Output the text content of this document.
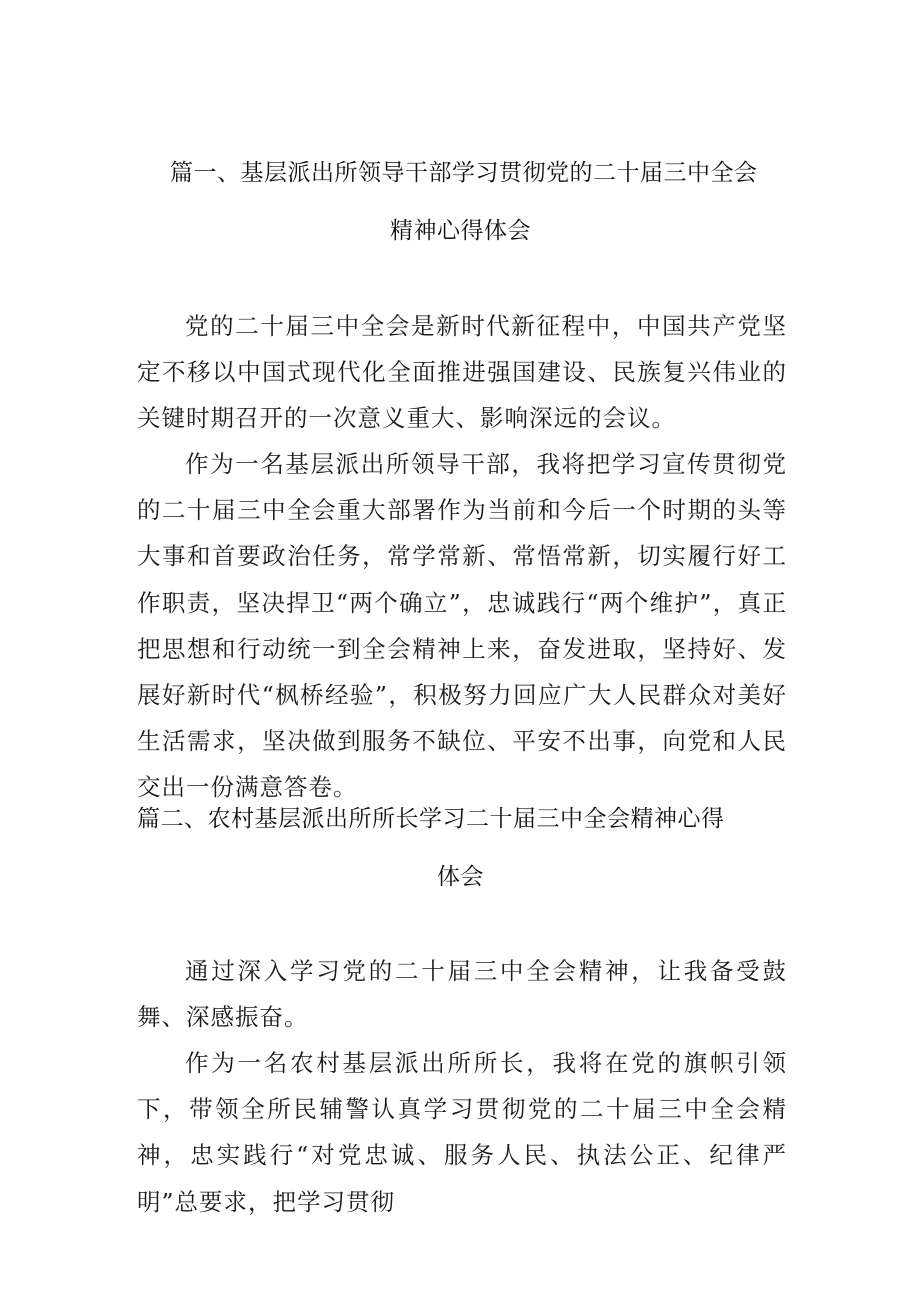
篇一、基层派出所领导干部学习贯彻党的二十届三中全会
精神心得体会

党的二十届三中全会是新时代新征程中，中国共产党坚定不移以中国式现代化全面推进强国建设、民族复兴伟业的关键时期召开的一次意义重大、影响深远的会议。

作为一名基层派出所领导干部，我将把学习宣传贯彻党的二十届三中全会重大部署作为当前和今后一个时期的头等大事和首要政治任务，常学常新、常悟常新，切实履行好工作职责，坚决捍卫“两个确立”，忠诚践行“两个维护”，真正把思想和行动统一到全会精神上来，奋发进取，坚持好、发展好新时代“枫桥经验”，积极努力回应广大人民群众对美好生活需求，坚决做到服务不缺位、平安不出事，向党和人民交出一份满意答卷。

篇二、农村基层派出所所长学习二十届三中全会精神心得
体会

通过深入学习党的二十届三中全会精神，让我备受鼓舞、深感振奋。

作为一名农村基层派出所所长，我将在党的旗帜引领下，带领全所民辅警认真学习贯彻党的二十届三中全会精神，忠实践行“对党忠诚、服务人民、执法公正、纪律严明”总要求，把学习贯彻
